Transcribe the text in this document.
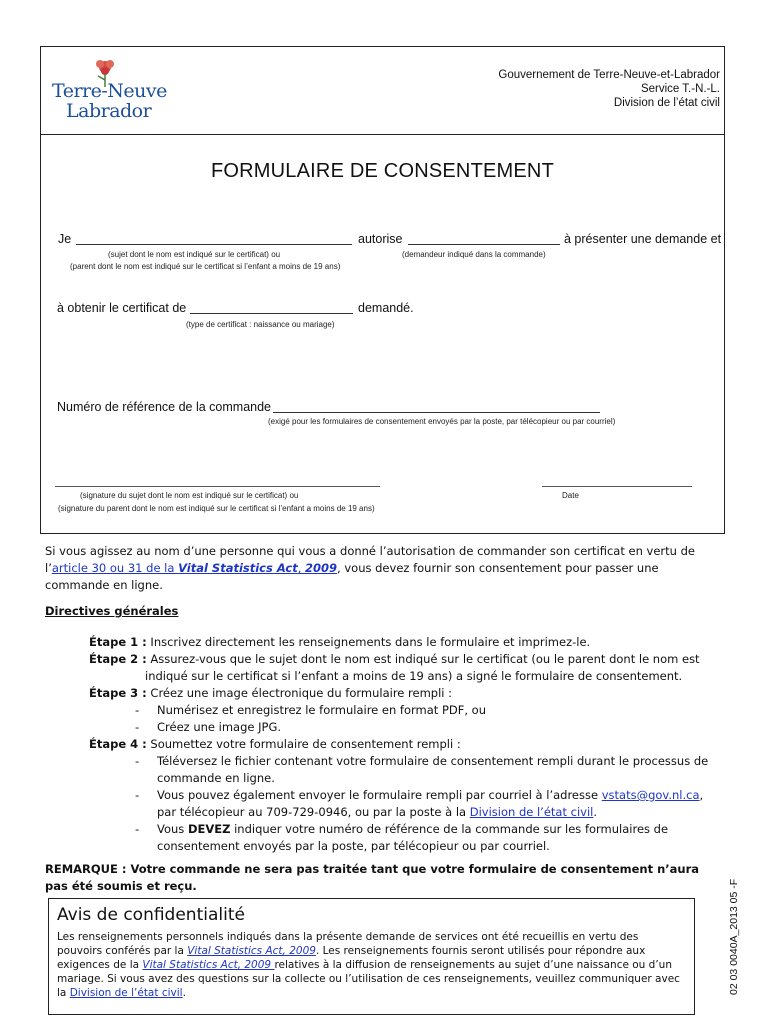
Terre-Neuve
Labrador
Gouvernement de Terre-Neuve-et-Labrador
Service T.-N.-L.
Division de l’état civil
FORMULAIRE DE CONSENTEMENT
Je	autorise	à présenter une demande et
(sujet dont le nom est indiqué sur le certificat) ou
(parent dont le nom est indiqué sur le certificat si l’enfant a moins de 19 ans)
(demandeur indiqué dans la commande)
à obtenir le certificat de	demandé.
(type de certificat : naissance ou mariage)
Numéro de référence de la commande
(exigé pour les formulaires de consentement envoyés par la poste, par télécopieur ou par courriel)
(signature du sujet dont le nom est indiqué sur le certificat) ou
(signature du parent dont le nom est indiqué sur le certificat si l’enfant a moins de 19 ans)
Date
Si vous agissez au nom d’une personne qui vous a donné l’autorisation de commander son certificat en vertu de l’article 30 ou 31 de la Vital Statistics Act, 2009, vous devez fournir son consentement pour passer une commande en ligne.
Directives générales
Étape 1 : Inscrivez directement les renseignements dans le formulaire et imprimez-le.
Étape 2 : Assurez-vous que le sujet dont le nom est indiqué sur le certificat (ou le parent dont le nom est indiqué sur le certificat si l’enfant a moins de 19 ans) a signé le formulaire de consentement.
Étape 3 : Créez une image électronique du formulaire rempli :
- Numérisez et enregistrez le formulaire en format PDF, ou
- Créez une image JPG.
Étape 4 : Soumettez votre formulaire de consentement rempli :
- Téléversez le fichier contenant votre formulaire de consentement rempli durant le processus de commande en ligne.
- Vous pouvez également envoyer le formulaire rempli par courriel à l’adresse vstats@gov.nl.ca, par télécopieur au 709-729-0946, ou par la poste à la Division de l’état civil.
- Vous DEVEZ indiquer votre numéro de référence de la commande sur les formulaires de consentement envoyés par la poste, par télécopieur ou par courriel.
REMARQUE : Votre commande ne sera pas traitée tant que votre formulaire de consentement n’aura pas été soumis et reçu.
Avis de confidentialité
Les renseignements personnels indiqués dans la présente demande de services ont été recueillis en vertu des pouvoirs conférés par la Vital Statistics Act, 2009. Les renseignements fournis seront utilisés pour répondre aux exigences de la Vital Statistics Act, 2009 relatives à la diffusion de renseignements au sujet d’une naissance ou d’un mariage. Si vous avez des questions sur la collecte ou l’utilisation de ces renseignements, veuillez communiquer avec la Division de l’état civil.	02 03 0040A_2013 05 -F
